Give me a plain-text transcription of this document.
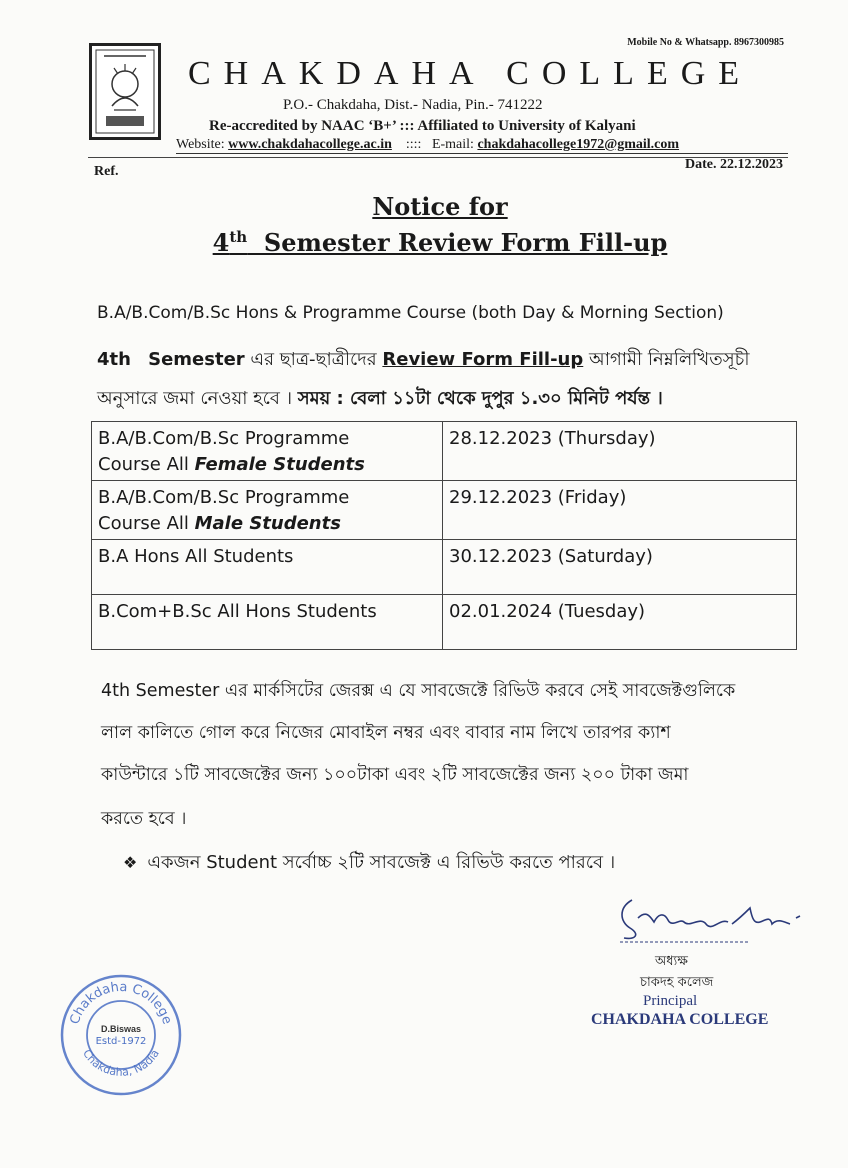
Mobile No & Whatsapp. 8967300985
CHAKDAHA COLLEGE
P.O.- Chakdaha, Dist.- Nadia, Pin.- 741222
Re-accredited by NAAC ‘B+’ ::: Affiliated to University of Kalyani
Website: www.chakdahacollege.ac.in    ::::   E-mail: chakdahacollege1972@gmail.com
Ref.	Date. 22.12.2023
Notice for
4th  Semester Review Form Fill-up
B.A/B.Com/B.Sc Hons & Programme Course (both Day & Morning Section)
4th Semester এর ছাত্র-ছাত্রীদের Review Form Fill-up আগামী নিম্নলিখিতসূচী
অনুসারে জমা নেওয়া হবে । সময় : বেলা ১১টা থেকে দুপুর ১.৩০ মিনিট পর্যন্ত ।
B.A/B.Com/B.Sc Programme
Course All Female Students	28.12.2023 (Thursday)
B.A/B.Com/B.Sc Programme
Course All Male Students	29.12.2023 (Friday)
B.A Hons All Students	30.12.2023 (Saturday)
B.Com+B.Sc All Hons Students	02.01.2024 (Tuesday)
4th Semester এর মার্কসিটের জেরক্স এ যে সাবজেক্টে রিভিউ করবে সেই সাবজেক্টগুলিকে
লাল কালিতে গোল করে নিজের মোবাইল নম্বর এবং বাবার নাম লিখে তারপর ক্যাশ
কাউন্টারে ১টি সাবজেক্টের জন্য ১০০টাকা এবং ২টি সাবজেক্টের জন্য ২০০ টাকা জমা
করতে হবে ।
❖ একজন Student সর্বোচ্চ ২টি সাবজেক্ট এ রিভিউ করতে পারবে ।
অধ্যক্ষ
চাকদহ কলেজ
Principal
CHAKDAHA COLLEGE
Chakdaha College
Chakdaha, Nadia
D.Biswas
Estd-1972
